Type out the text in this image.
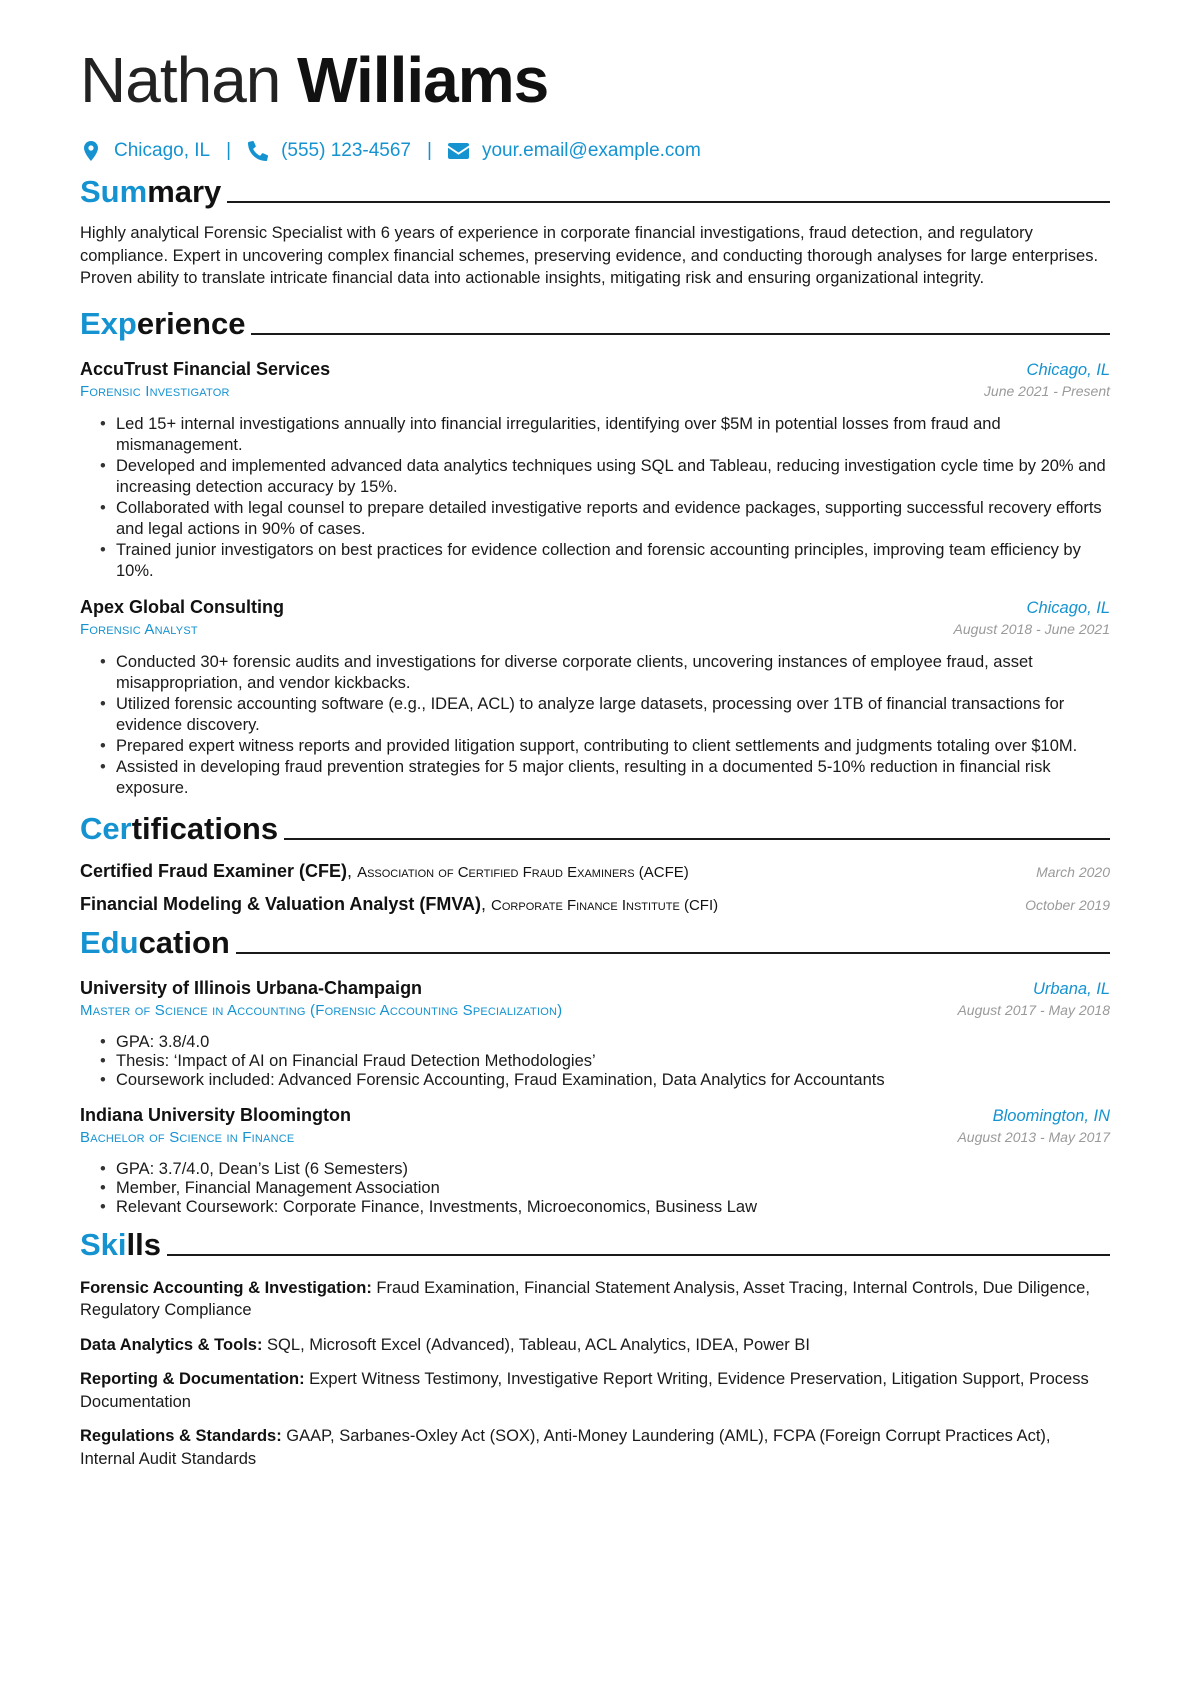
Nathan Williams
Chicago, IL |	(555) 123-4567 |	your.email@example.com
Summary

Highly analytical Forensic Specialist with 6 years of experience in corporate financial investigations, fraud detection, and regulatory compliance. Expert in uncovering complex financial schemes, preserving evidence, and conducting thorough analyses for large enterprises. Proven ability to translate intricate financial data into actionable insights, mitigating risk and ensuring organizational integrity.

Experience
AccuTrust Financial Services	Chicago, IL
Forensic Investigator	June 2021 - Present
• Led 15+ internal investigations annually into financial irregularities, identifying over $5M in potential losses from fraud and mismanagement.
• Developed and implemented advanced data analytics techniques using SQL and Tableau, reducing investigation cycle time by 20% and increasing detection accuracy by 15%.
• Collaborated with legal counsel to prepare detailed investigative reports and evidence packages, supporting successful recovery efforts and legal actions in 90% of cases.
• Trained junior investigators on best practices for evidence collection and forensic accounting principles, improving team efficiency by 10%.
Apex Global Consulting	Chicago, IL
Forensic Analyst	August 2018 - June 2021
• Conducted 30+ forensic audits and investigations for diverse corporate clients, uncovering instances of employee fraud, asset misappropriation, and vendor kickbacks.
• Utilized forensic accounting software (e.g., IDEA, ACL) to analyze large datasets, processing over 1TB of financial transactions for evidence discovery.
• Prepared expert witness reports and provided litigation support, contributing to client settlements and judgments totaling over $10M.
• Assisted in developing fraud prevention strategies for 5 major clients, resulting in a documented 5-10% reduction in financial risk exposure.
Certifications
Certified Fraud Examiner (CFE), Association of Certified Fraud Examiners (ACFE)	March 2020
Financial Modeling & Valuation Analyst (FMVA), Corporate Finance Institute (CFI)	October 2019
Education
University of Illinois Urbana-Champaign	Urbana, IL
Master of Science in Accounting (Forensic Accounting Specialization)	August 2017 - May 2018
• GPA: 3.8/4.0
• Thesis: ‘Impact of AI on Financial Fraud Detection Methodologies’
• Coursework included: Advanced Forensic Accounting, Fraud Examination, Data Analytics for Accountants
Indiana University Bloomington	Bloomington, IN
Bachelor of Science in Finance	August 2013 - May 2017
• GPA: 3.7/4.0, Dean’s List (6 Semesters)
• Member, Financial Management Association
• Relevant Coursework: Corporate Finance, Investments, Microeconomics, Business Law
Skills

Forensic Accounting & Investigation: Fraud Examination, Financial Statement Analysis, Asset Tracing, Internal Controls, Due Diligence, Regulatory Compliance

Data Analytics & Tools: SQL, Microsoft Excel (Advanced), Tableau, ACL Analytics, IDEA, Power BI

Reporting & Documentation: Expert Witness Testimony, Investigative Report Writing, Evidence Preservation, Litigation Support, Process Documentation

Regulations & Standards: GAAP, Sarbanes-Oxley Act (SOX), Anti-Money Laundering (AML), FCPA (Foreign Corrupt Practices Act), Internal Audit Standards
